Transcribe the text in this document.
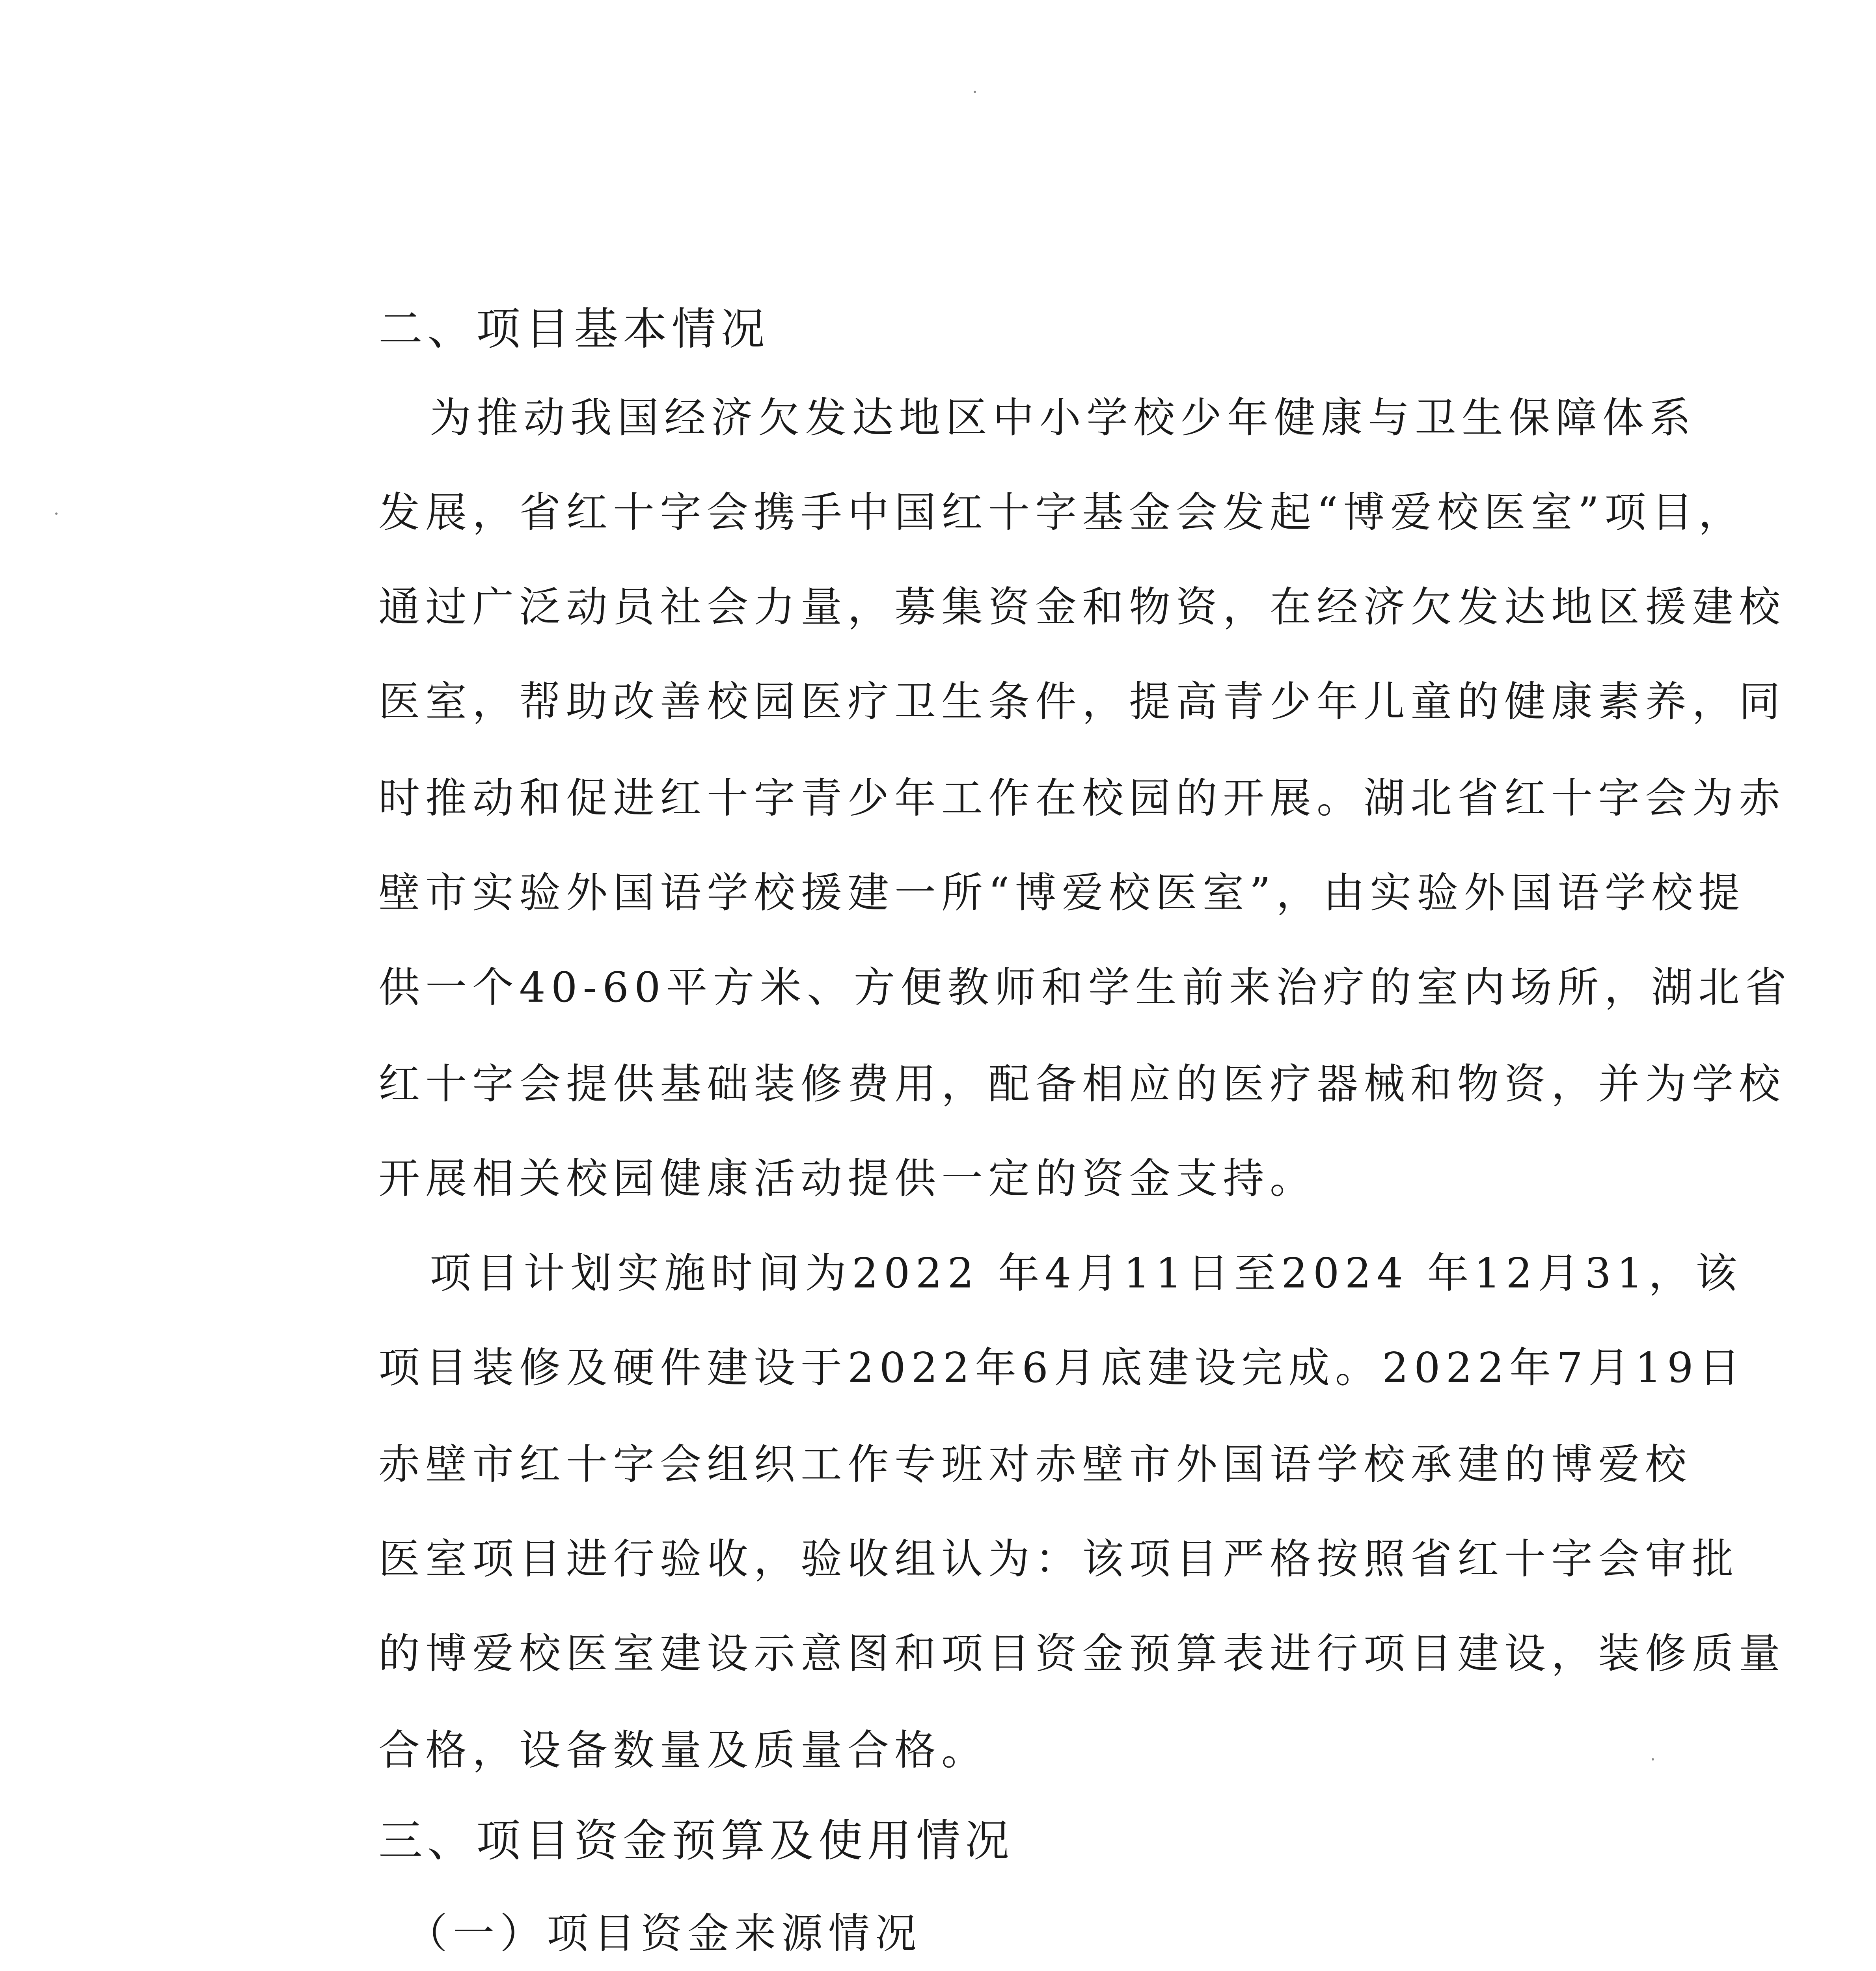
二、项目基本情况
为推动我国经济欠发达地区中小学校少年健康与卫生保障体系
发展，省红十字会携手中国红十字基金会发起“博爱校医室”项目，
通过广泛动员社会力量，募集资金和物资，在经济欠发达地区援建校
医室，帮助改善校园医疗卫生条件，提高青少年儿童的健康素养，同
时推动和促进红十字青少年工作在校园的开展。湖北省红十字会为赤
壁市实验外国语学校援建一所“博爱校医室”，由实验外国语学校提
供一个40-60平方米、方便教师和学生前来治疗的室内场所，湖北省
红十字会提供基础装修费用，配备相应的医疗器械和物资，并为学校
开展相关校园健康活动提供一定的资金支持。
项目计划实施时间为2022 年4月11日至2024 年12月31，该
项目装修及硬件建设于2022年6月底建设完成。2022年7月19日
赤壁市红十字会组织工作专班对赤壁市外国语学校承建的博爱校
医室项目进行验收，验收组认为：该项目严格按照省红十字会审批
的博爱校医室建设示意图和项目资金预算表进行项目建设，装修质量
合格，设备数量及质量合格。
三、项目资金预算及使用情况
（一）项目资金来源情况
